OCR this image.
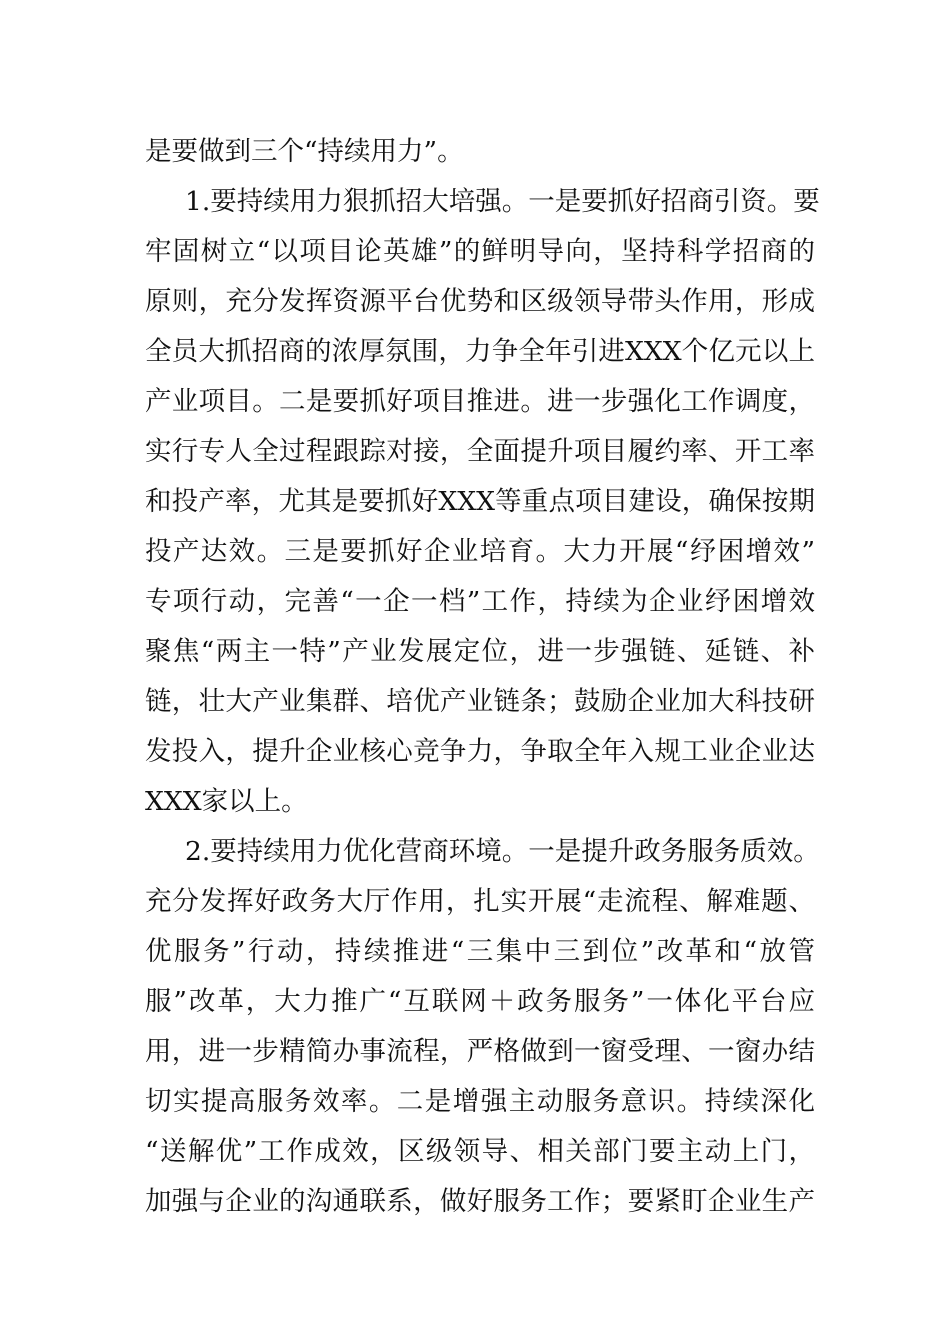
是要做到三个“持续用力”。
1.要持续用力狠抓招大培强。一是要抓好招商引资。要
牢固树立“以项目论英雄”的鲜明导向，坚持科学招商的
原则，充分发挥资源平台优势和区级领导带头作用，形成
全员大抓招商的浓厚氛围，力争全年引进XXX个亿元以上
产业项目。二是要抓好项目推进。进一步强化工作调度，
实行专人全过程跟踪对接，全面提升项目履约率、开工率
和投产率，尤其是要抓好XXX等重点项目建设，确保按期
投产达效。三是要抓好企业培育。大力开展“纾困增效”
专项行动，完善“一企一档”工作，持续为企业纾困增效
聚焦“两主一特”产业发展定位，进一步强链、延链、补
链，壮大产业集群、培优产业链条；鼓励企业加大科技研
发投入，提升企业核心竞争力，争取全年入规工业企业达
XXX家以上。
2.要持续用力优化营商环境。一是提升政务服务质效。
充分发挥好政务大厅作用，扎实开展“走流程、解难题、
优服务”行动，持续推进“三集中三到位”改革和“放管
服”改革，大力推广“互联网＋政务服务”一体化平台应
用，进一步精简办事流程，严格做到一窗受理、一窗办结
切实提高服务效率。二是增强主动服务意识。持续深化
“送解优”工作成效，区级领导、相关部门要主动上门，
加强与企业的沟通联系，做好服务工作；要紧盯企业生产
